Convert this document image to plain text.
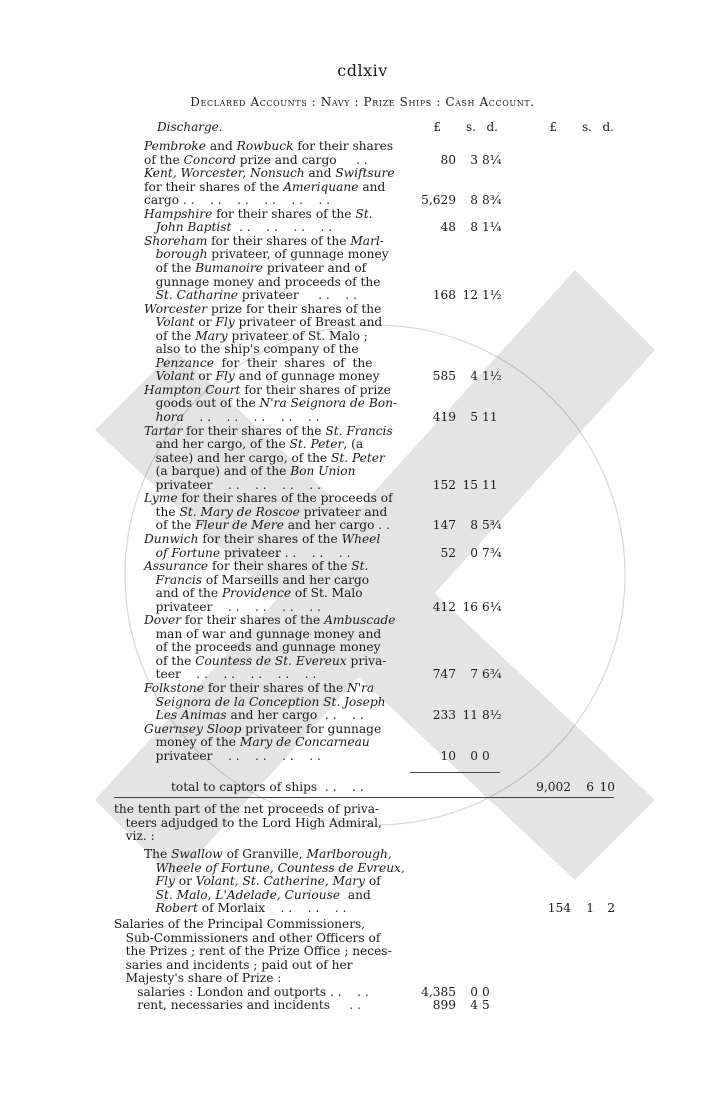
cdlxiv
Declared Accounts : Navy : Prize Ships : Cash Account.
Discharge.	£	s. d.	£	s. d.
Pembroke and Rowbuck for their shares
of the Concord prize and cargo     . .	80	3 8¼
Kent, Worcester, Nonsuch and Swiftsure
for their shares of the Ameriquane and
cargo . .    . .    . .    . .    . .    . .	5,629	8 8¾
Hampshire for their shares of the St.
John Baptist  . .    . .    . .    . .	48	8 1¼
Shoreham for their shares of the Marl-
borough privateer, of gunnage money
of the Bumanoire privateer and of
gunnage money and proceeds of the
St. Catharine privateer     . .    . .	168 12 1½
Worcester prize for their shares of the
Volant or Fly privateer of Breast and
of the Mary privateer of St. Malo ;
also to the ship's company of the
Penzance  for  their  shares  of  the
Volant or Fly and of gunnage money	585	4 1½
Hampton Court for their shares of prize
goods out of the N'ra Seignora de Bon-
hora    . .    . .    . .    . .    . .	419	5 11
Tartar for their shares of the St. Francis
and her cargo, of the St. Peter, (a
satee) and her cargo, of the St. Peter
(a barque) and of the Bon Union
privateer    . .    . .    . .    . .	152 15 11
Lyme for their shares of the proceeds of
the St. Mary de Roscoe privateer and
of the Fleur de Mere and her cargo . .	147	8 5¾
Dunwich for their shares of the Wheel
of Fortune privateer . .    . .    . .	52	0 7¾
Assurance for their shares of the St.
Francis of Marseills and her cargo
and of the Providence of St. Malo
privateer    . .    . .    . .    . .	412 16 6¼
Dover for their shares of the Ambuscade
man of war and gunnage money and
of the proceeds and gunnage money
of the Countess de St. Evereux priva-
teer    . .    . .    . .    . .    . .	747	7 6¾
Folkstone for their shares of the N'ra
Seignora de la Conception St. Joseph
Les Animas and her cargo  . .    . .	233 11 8½
Guernsey Sloop privateer for gunnage
money of the Mary de Concarneau
privateer    . .    . .    . .    . .	10	0 0
total to captors of ships  . .    . .	9,002	6 10
the tenth part of the net proceeds of priva-
teers adjudged to the Lord High Admiral,
viz. :
The Swallow of Granville, Marlborough,
Wheele of Fortune, Countess de Evreux,
Fly or Volant, St. Catherine, Mary of
St. Malo, L'Adelade, Curiouse  and
Robert of Morlaix    . .    . .    . .	154	1	2
Salaries of the Principal Commissioners,
Sub-Commissioners and other Officers of
the Prizes ; rent of the Prize Office ; neces-
saries and incidents ; paid out of her
Majesty's share of Prize :
salaries : London and outports . .    . .	4,385	0 0
rent, necessaries and incidents     . .	899	4 5
